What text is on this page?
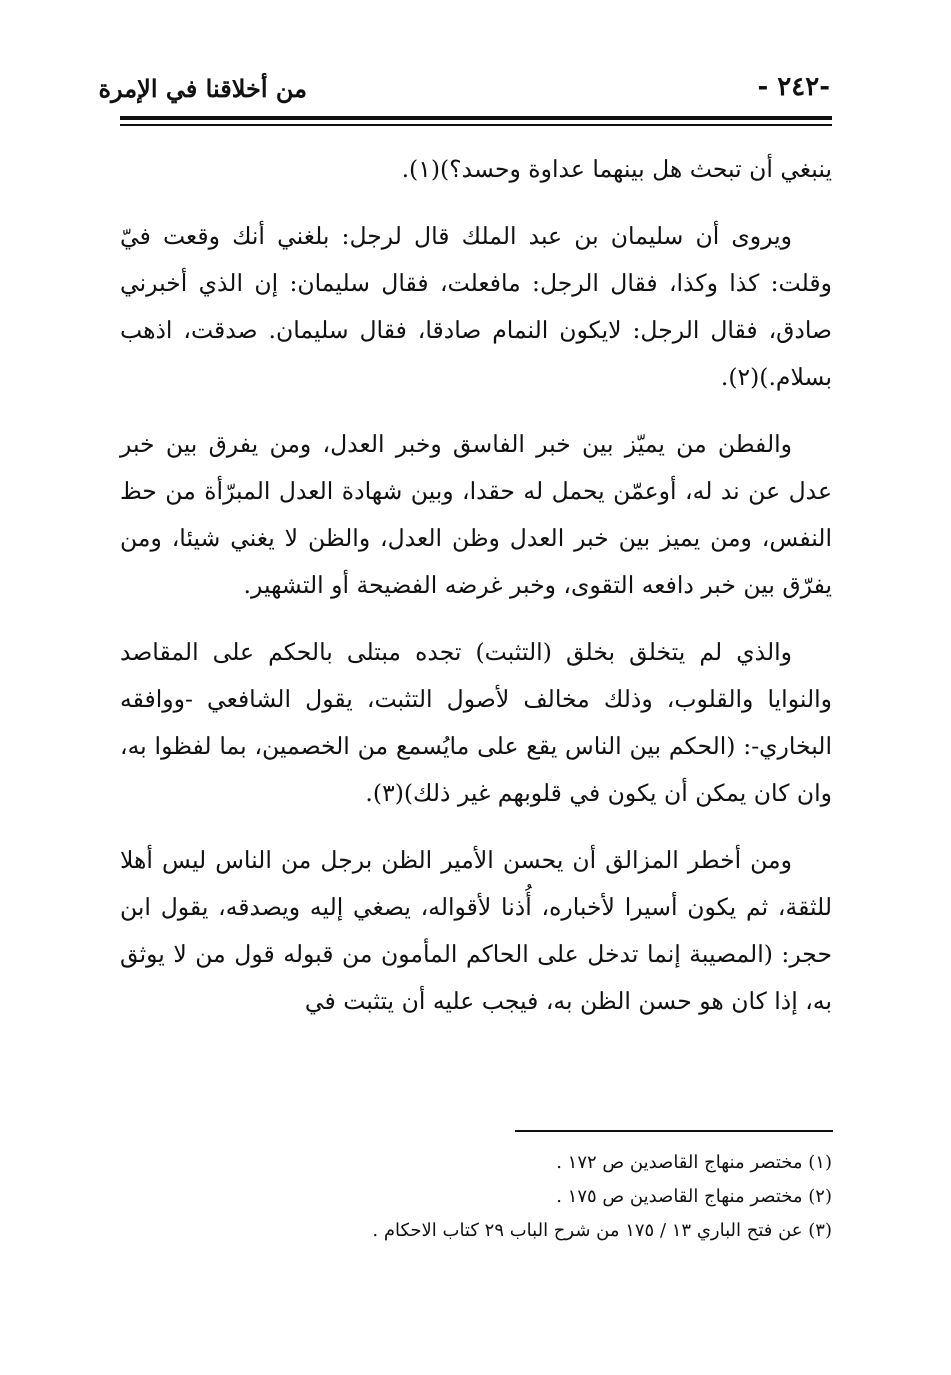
-٢٤٢ -
من أخلاقنا في الإمرة

ينبغي أن تبحث هل بينهما عداوة وحسد؟)(١).

ويروى أن سليمان بن عبد الملك قال لرجل: بلغني أنك وقعت فيّ وقلت: كذا وكذا، فقال الرجل: مافعلت، فقال سليمان: إن الذي أخبرني صادق، فقال الرجل: لايكون النمام صادقا، فقال سليمان. صدقت، اذهب بسلام.)(٢).

والفطن من يميّز بين خبر الفاسق وخبر العدل، ومن يفرق بين خبر عدل عن ند له، أوعمّن يحمل له حقدا، وبين شهادة العدل المبرّأة من حظ النفس، ومن يميز بين خبر العدل وظن العدل، والظن لا يغني شيئا، ومن يفرّق بين خبر دافعه التقوى، وخبر غرضه الفضيحة أو التشهير.

والذي لم يتخلق بخلق (التثبت) تجده مبتلى بالحكم على المقاصد والنوايا والقلوب، وذلك مخالف لأصول التثبت، يقول الشافعي -ووافقه البخاري-: (الحكم بين الناس يقع على مايُسمع من الخصمين، بما لفظوا به، وان كان يمكن أن يكون في قلوبهم غير ذلك)(٣).

ومن أخطر المزالق أن يحسن الأمير الظن برجل من الناس ليس أهلا للثقة، ثم يكون أسيرا لأخباره، أُذنا لأقواله، يصغي إليه ويصدقه، يقول ابن حجر: (المصيبة إنما تدخل على الحاكم المأمون من قبوله قول من لا يوثق به، إذا كان هو حسن الظن به، فيجب عليه أن يتثبت في

(١) مختصر منهاج القاصدين ص ١٧٢ .
(٢) مختصر منهاج القاصدين ص ١٧٥ .
(٣) عن فتح الباري ١٣ / ١٧٥ من شرح الباب ٢٩ كتاب الاحكام .
